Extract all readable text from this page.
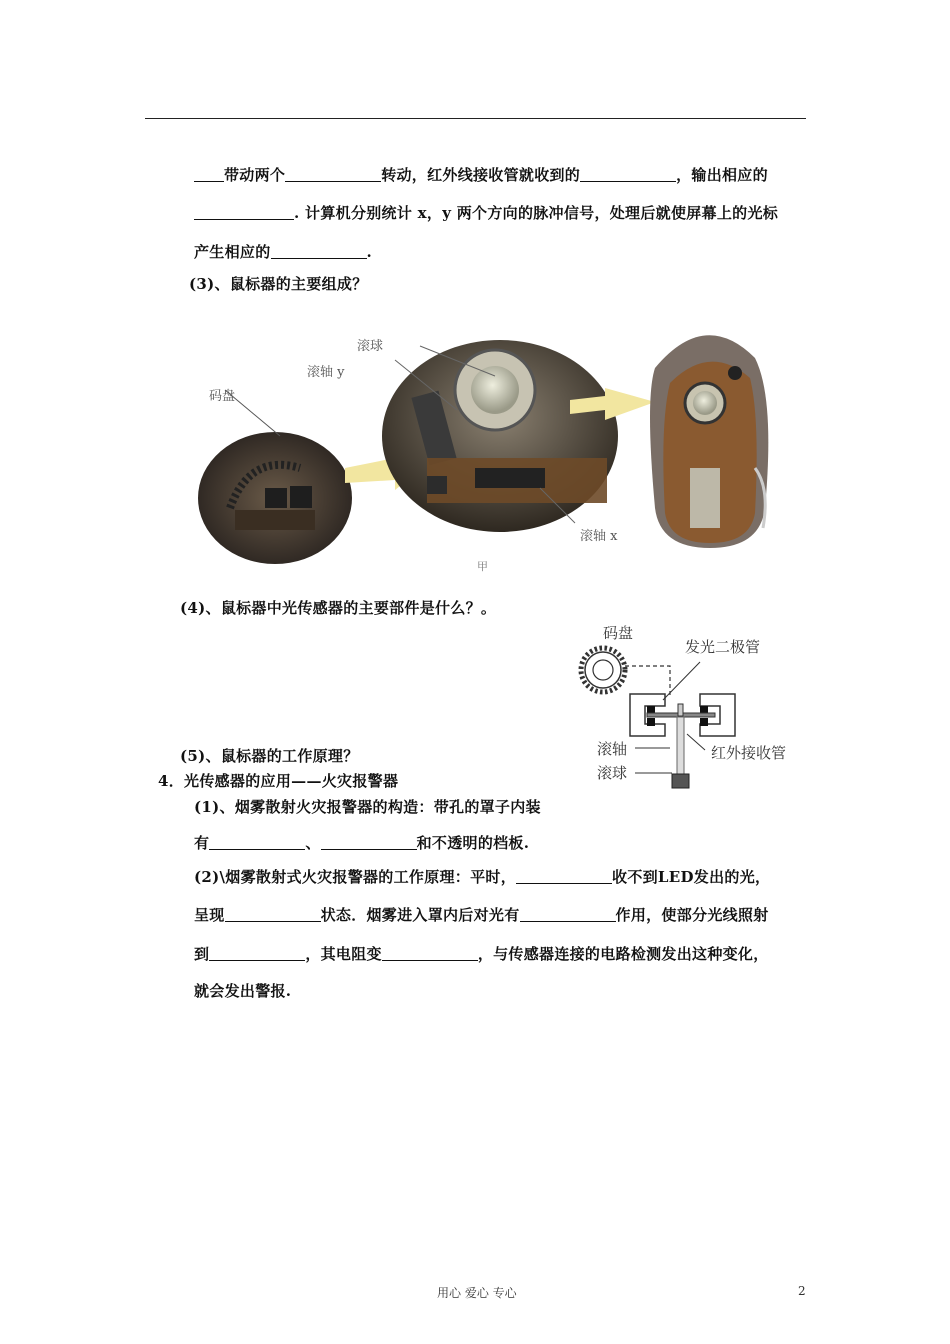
带动两个	转动，红外线接收管就收到的	，输出相应的
. 计算机分别统计 x，y 两个方向的脉冲信号，处理后就使屏幕上的光标
产生相应的	.
(3)、鼠标器的主要组成？
滚球
滚轴 y
码盘
滚轴 x
甲
(4)、鼠标器中光传感器的主要部件是什么？。
码盘
发光二极管
滚轴	红外接收管
滚球
(5)、鼠标器的工作原理？
4．光传感器的应用——火灾报警器
(1)、烟雾散射火灾报警器的构造：带孔的罩子内装
有	、	和不透明的档板.
(2)\烟雾散射式火灾报警器的工作原理：平时，	收不到LED发出的光，
呈现	状态．烟雾进入罩内后对光有	作用，使部分光线照射
到	，其电阻变	，与传感器连接的电路检测发出这种变化，
就会发出警报.
用心 爱心 专心	2
